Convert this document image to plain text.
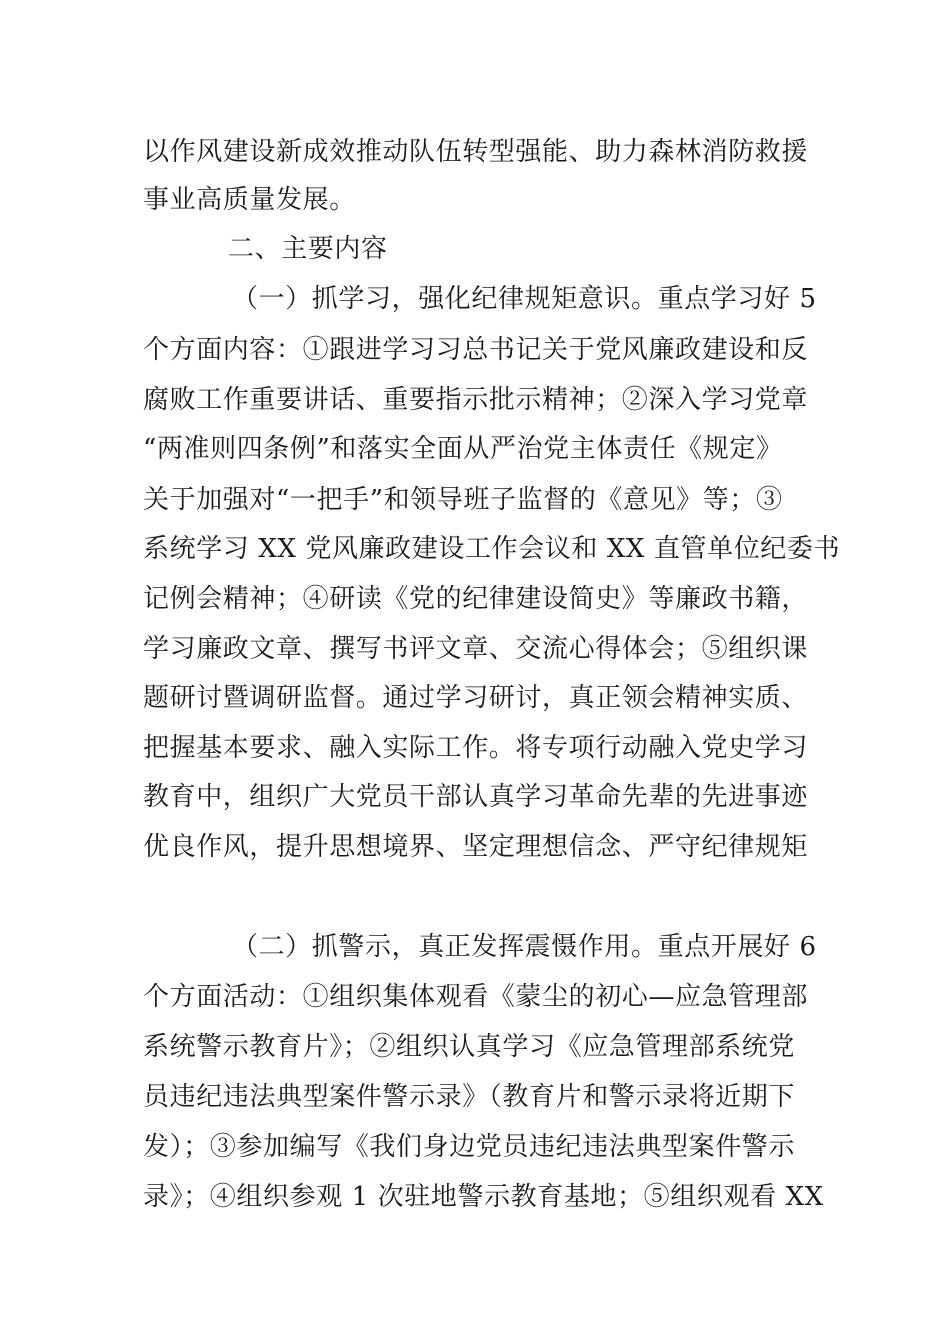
以作风建设新成效推动队伍转型强能、助力森林消防救援
事业高质量发展。
二、主要内容
（一）抓学习，强化纪律规矩意识。重点学习好 5
个方面内容：①跟进学习习总书记关于党风廉政建设和反
腐败工作重要讲话、重要指示批示精神；②深入学习党章
“两准则四条例”和落实全面从严治党主体责任《规定》
关于加强对“一把手”和领导班子监督的《意见》等；③
系统学习 XX 党风廉政建设工作会议和 XX 直管单位纪委书
记例会精神；④研读《党的纪律建设简史》等廉政书籍，
学习廉政文章、撰写书评文章、交流心得体会；⑤组织课
题研讨暨调研监督。通过学习研讨，真正领会精神实质、
把握基本要求、融入实际工作。将专项行动融入党史学习
教育中，组织广大党员干部认真学习革命先辈的先进事迹
优良作风，提升思想境界、坚定理想信念、严守纪律规矩
（二）抓警示，真正发挥震慑作用。重点开展好 6
个方面活动：①组织集体观看《蒙尘的初心—应急管理部
系统警示教育片》；②组织认真学习《应急管理部系统党
员违纪违法典型案件警示录》（教育片和警示录将近期下
发）；③参加编写《我们身边党员违纪违法典型案件警示
录》；④组织参观 1 次驻地警示教育基地；⑤组织观看 XX
